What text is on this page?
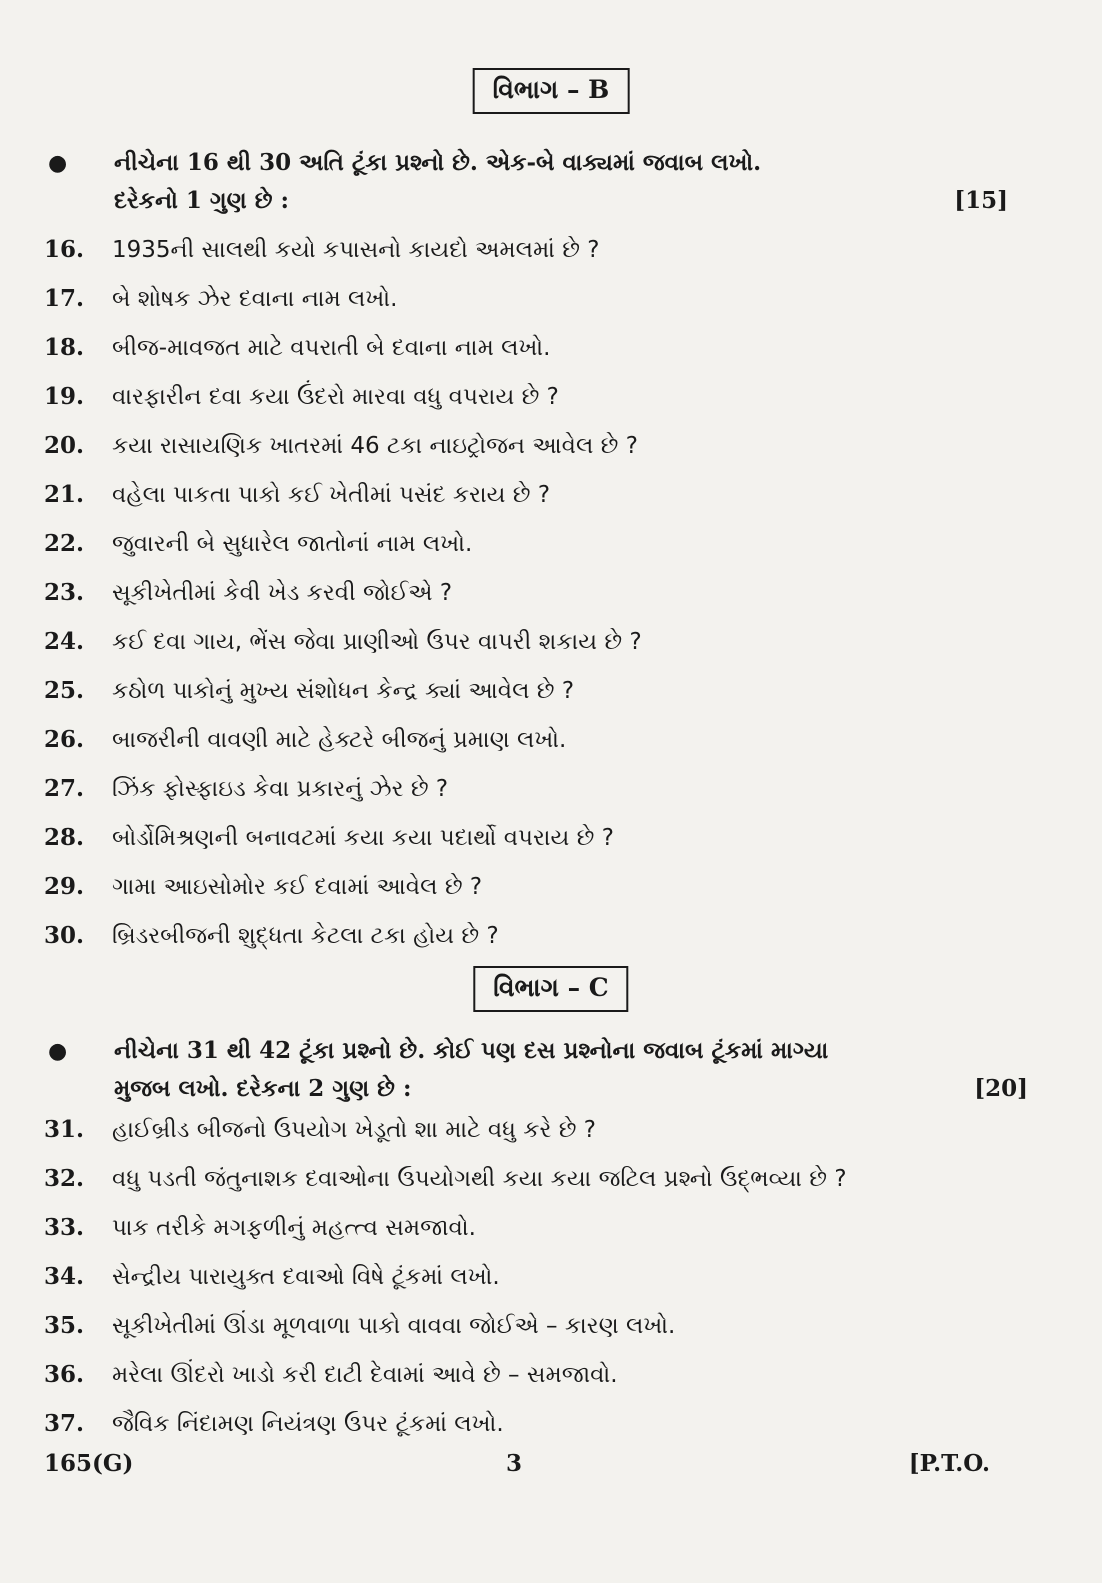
વિભાગ – B
● નીચેના 16 થી 30 અતિ ટૂંકા પ્રશ્નો છે. એક-બે વાક્યમાં જવાબ લખો.
દરેકનો 1 ગુણ છે :	[15]
16.	1935ની સાલથી કયો કપાસનો કાયદો અમલમાં છે ?
17.	બે શોષક ઝેર દવાના નામ લખો.
18.	બીજ-માવજત માટે વપરાતી બે દવાના નામ લખો.
19.	વારફારીન દવા કયા ઉંદરો મારવા વધુ વપરાય છે ?
20.	કયા રાસાયણિક ખાતરમાં 46 ટકા નાઇટ્રોજન આવેલ છે ?
21.	વહેલા પાકતા પાકો કઈ ખેતીમાં પસંદ કરાય છે ?
22.	જુવારની બે સુધારેલ જાતોનાં નામ લખો.
23.	સૂકીખેતીમાં કેવી ખેડ કરવી જોઈએ ?
24.	કઈ દવા ગાય, ભેંસ જેવા પ્રાણીઓ ઉપર વાપરી શકાય છે ?
25.	કઠોળ પાકોનું મુખ્ય સંશોધન કેન્દ્ર ક્યાં આવેલ છે ?
26.	બાજરીની વાવણી માટે હેક્ટરે બીજનું પ્રમાણ લખો.
27.	ઝિંક ફોસ્ફાઇડ કેવા પ્રકારનું ઝેર છે ?
28.	બોર્ડોમિશ્રણની બનાવટમાં કયા કયા પદાર્થો વપરાય છે ?
29.	ગામા આઇસોમોર કઈ દવામાં આવેલ છે ?
30.	બ્રિડરબીજની શુદ્ધતા કેટલા ટકા હોય છે ?
વિભાગ – C
● નીચેના 31 થી 42 ટૂંકા પ્રશ્નો છે. કોઈ પણ દસ પ્રશ્નોના જવાબ ટૂંકમાં માગ્યા
મુજબ લખો. દરેકના 2 ગુણ છે :	[20]
31.	હાઈબ્રીડ બીજનો ઉપયોગ ખેડૂતો શા માટે વધુ કરે છે ?
32.	વધુ પડતી જંતુનાશક દવાઓના ઉપયોગથી કયા કયા જટિલ પ્રશ્નો ઉદ્ભવ્યા છે ?
33.	પાક તરીકે મગફળીનું મહત્ત્વ સમજાવો.
34.	સેન્દ્રીય પારાયુક્ત દવાઓ વિષે ટૂંકમાં લખો.
35.	સૂકીખેતીમાં ઊંડા મૂળવાળા પાકો વાવવા જોઈએ – કારણ લખો.
36.	મરેલા ઊંદરો ખાડો કરી દાટી દેવામાં આવે છે – સમજાવો.
37.	જૈવિક નિંદામણ નિયંત્રણ ઉપર ટૂંકમાં લખો.
165(G)	3	[P.T.O.
